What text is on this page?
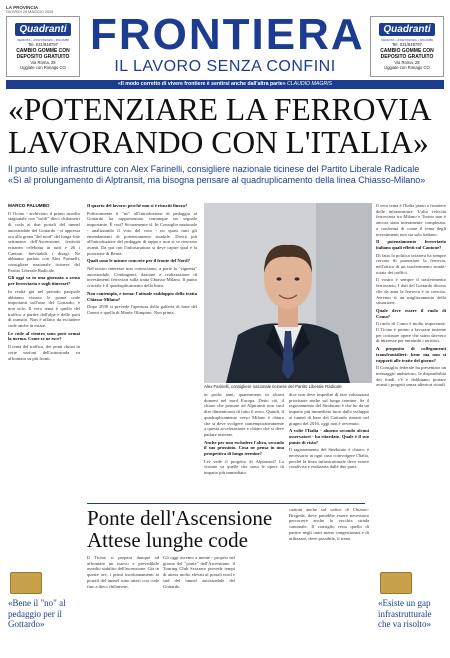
LA PROVINCIA
GIOVEDÌ 29 MAGGIO 2025
Quadranti
VENDITA • ASSISTENZA • RICAMBI
Tel. 031/948797
CAMBIO GOMME CON
DEPOSITO GRATUITO
Via Roma, 28
Uggiate con Ronago CO
Quadranti
VENDITA • ASSISTENZA • RICAMBI
Tel. 031/948797
CAMBIO GOMME CON
DEPOSITO GRATUITO
Via Roma, 28
Uggiate con Ronago CO
FRONTIERA
IL LAVORO SENZA CONFINI
«Il modo corretto di vivere frontiere è sentirsi anche dall'altra parte» CLAUDIO MAGRIS
«POTENZIARE LA FERROVIA LAVORANDO CON L'ITALIA»
Il punto sulle infrastrutture con Alex Farinelli, consigliere nazionale ticinese del Partito Liberale Radicale
«Sì al prolungamento di Alptransit, ma bisogna pensare al quadruplicamento della linea Chiasso-Milano»
MARCO PALUMBO

Il Ticino - archiviato il primo assedio stagionale con "solili" dieci chilometri di coda ai due portali del tunnel autostradale del Gottardo - si appresta ora alla grana "del nord" del lunga-fine settimana dell'Ascensione, festività ertranea celebrata in tutti e 26 i Cantoni. Inevitabili i disagi. Ne abbiamo parlato con Alex Farinelli, consigliere nazionale ticinese del Partito Liberale Radicale.

Gli oggi va in una giornata a senso per ferroviaria e sugli itinerari?

In realtà già nel periodo pasquale abbiamo vissuto le prime code importanti sull'asse del Gottardo, e non solo. Il vero tema è quello del traffico a partire dall'alpe e delle parti di transito. Non è affatto da escludere code anche in estate.

Le code al rientro sono però ormai la norma. Come se ne esce?

Il tema del traffico, dei ponti chiusi in certe sezioni dell'autostrada va affrontato su più fronti.

Il quarto del lavoro: perché non si è riusciti finora?

Politicamente il "no" all'introduzione di pedaggio al Gottardo ha rappresentato comunque un segnale importante. È così? Sicuramente sì. In Consiglio nazionale - analizzando il voto del voto - no quasi tutti gli emendamenti di potenziamento stradale. Dovrà più all'introduzione del pedaggio di tappa e non si se riescono avanti. Da qui con l'infrastruttura si deve capire qual è la posizione di Berna.

Quali sono le misure concrete per il fronte del Nord?

Nel nostro interesse non conosciamo, a parte la "vignetta" autostradale. Contingenti, dazione e realizzazione di investimenti ferroviari sulla tratta Chiasso-Milano. Il punto cruciale è il quadruplicamento della linea.

Non contempla, e torna: l'attuale raddoppio della tratta Chiasso-Milano?

Dopo 2030 si prevede l'apertura della galleria di base del Ceneri e quella di Monte Olimpino. Non prima.

Alex Farinelli, consigliere nazionale ticinese del Partito Liberale Radicale

in pochi anni, quantomeno in alcuni domeni nel nord Europa. Detto ciò, il chiaro che pensare ad Alptransit non vuol dire dimenticarsi di tutto il resto. Quindi, il quadruplicamento verso Milano è chiaro che si deve svolgere contemporaneamente a questa accelerazione e chiaro che si deve parlare insieme.

Anche per non escludere l'altra, secondo il suo prossimo. Cosa ne pensa in una prospettiva di lungo termine?

Lei vede il progetto di Alptransit? La visione va quelle che sono le opere di impatto più immediato.

dice non deve impedire di fare valutazioni prioritarie anche sul lungo termine. Se il ragionamento del Sindacato è che ho da un impatto più immediato fuori dallo sviluppo ai tunnel di base del Gottardo rimasti nel giugno del 2016, oggi non è avvenuto.

A volte l'Italia - almeno secondo alcuni osservatori - ha ritardato. Quale è il suo punto di vista?

Il ragionamento del Sindacato è chiaro: è necessario in ogni caso coinvolgere l'Italia, perché la linea infrastrutturale deve essere condivisa e realizzata dalle due parti.

Il vero tema è l'Italia piano a frontiere delle infrastrutture. L'alta velocità ferroviaria tra Milano e Torino non è ancora stata interamente completata, a conferma di come il tema degli investimenti non sia solo italiano.

Il potenziamento ferroviario italiano quali effetti sul Cantone?

Di fatto la politica svizzera ha sempre cercato di potenziare la ferrovia, nell'ottica di un trasferimento strada-rotaia dei traffici.

Il vostro è sempre il trasferimento ferroviario. I dati del Gottardo dicono che da anni la ferrovia è in crescita. Avremo sì un miglioramento della situazione.

Quale deve essere il ruolo di Como?

Il ruolo di Como è molto importante. Il Ticino è pronto a lavorare insieme per costruire opere che siano davvero di interesse per entrambi i territori.

A proposito di collegamenti transfrontalieri: bene ma non si rapporti alle tratte del giorno?

Il Consiglio federale ha presentato un messaggio ambizioso, la disponibilità dei fondi c'è e dobbiamo portare avanti i progetti senza ulteriori ritardi.

Ponte dell'Ascensione Attese lunghe code

Il Ticino si prepara dunque ad affrontare un nuovo e prevedibile assedio stabilito dell'ascensione. Già in queste ore, i primi incolonnamenti ai portali del tunnel sono attesi con code fino a dieci chilometri.

Gli oggi avremo a mente - proprio nel giorno del "ponte" dell'Ascensione, il Touring Club Svizzero prevede tempi di attesa molto elevati ai portali nord e sud del tunnel autostradale del Gottardo.

cazioni anche sul valico di Chiasso-Brogeda, dove potrebbe essere necessario percorrere anche la vecchia strada cantonale. Il consiglio resta quello di partire negli orari meno congestionati e di utilizzare, dove possibile, il treno.

«Bene il "no" al pedaggio per il Gottardo»
«Esiste un gap infrastrutturale che va risolto»
